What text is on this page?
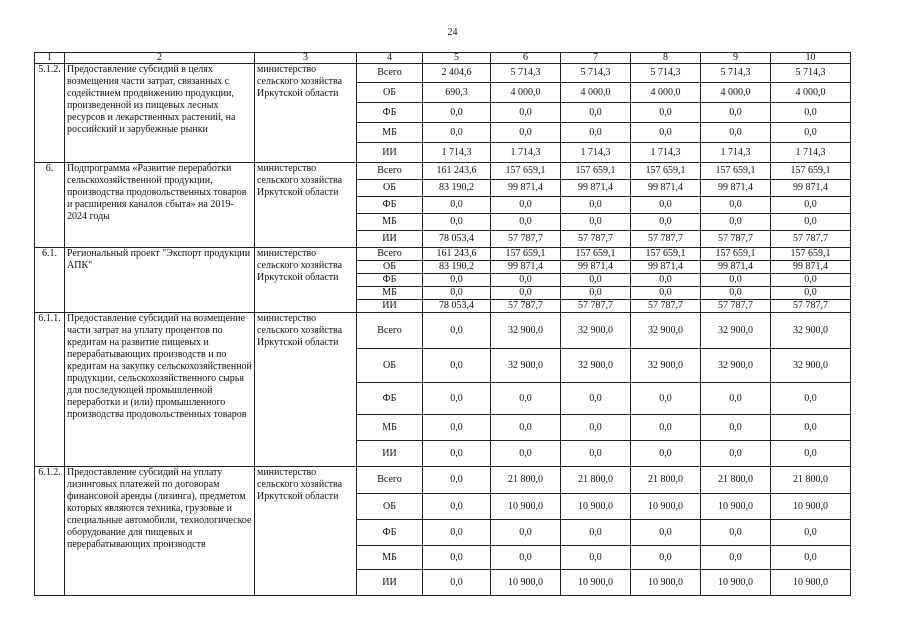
24
1	2	3	4	5	6	7	8	9	10
5.1.2.	Предоставление субсидий в целях возмещения части затрат, связанных с содействием продвижению продукции, произведенной из пищевых лесных ресурсов и лекарственных растений, на российский и зарубежные рынки	министерство сельского хозяйства Иркутской области	Всего	2 404,6	5 714,3	5 714,3	5 714,3	5 714,3	5 714,3
			ОБ	690,3	4 000,0	4 000,0	4 000,0	4 000,0	4 000,0
			ФБ	0,0	0,0	0,0	0,0	0,0	0,0
			МБ	0,0	0,0	0,0	0,0	0,0	0,0
			ИИ	1 714,3	1 714,3	1 714,3	1 714,3	1 714,3	1 714,3
6.	Подпрограмма «Развитие переработки сельскохозяйственной продукции, производства продовольственных товаров и расширения каналов сбыта» на 2019-2024 годы	министерство сельского хозяйства Иркутской области	Всего	161 243,6	157 659,1	157 659,1	157 659,1	157 659,1	157 659,1
			ОБ	83 190,2	99 871,4	99 871,4	99 871,4	99 871,4	99 871,4
			ФБ	0,0	0,0	0,0	0,0	0,0	0,0
			МБ	0,0	0,0	0,0	0,0	0,0	0,0
			ИИ	78 053,4	57 787,7	57 787,7	57 787,7	57 787,7	57 787,7
6.1.	Региональный проект "Экспорт продукции АПК"	министерство сельского хозяйства Иркутской области	Всего	161 243,6	157 659,1	157 659,1	157 659,1	157 659,1	157 659,1
			ОБ	83 190,2	99 871,4	99 871,4	99 871,4	99 871,4	99 871,4
			ФБ	0,0	0,0	0,0	0,0	0,0	0,0
			МБ	0,0	0,0	0,0	0,0	0,0	0,0
			ИИ	78 053,4	57 787,7	57 787,7	57 787,7	57 787,7	57 787,7
6.1.1.	Предоставление субсидий на возмещение части затрат на уплату процентов по кредитам на развитие пищевых и перерабатывающих производств и по кредитам на закупку сельскохозяйственной продукции, сельскохозяйственного сырья для последующей промышленной переработки и (или) промышленного производства продовольственных товаров	министерство сельского хозяйства Иркутской области	Всего	0,0	32 900,0	32 900,0	32 900,0	32 900,0	32 900,0
			ОБ	0,0	32 900,0	32 900,0	32 900,0	32 900,0	32 900,0
			ФБ	0,0	0,0	0,0	0,0	0,0	0,0
			МБ	0,0	0,0	0,0	0,0	0,0	0,0
			ИИ	0,0	0,0	0,0	0,0	0,0	0,0
6.1.2.	Предоставление субсидий на уплату лизинговых платежей по договорам финансовой аренды (лизинга), предметом которых являются техника, грузовые и специальные автомобили, технологическое оборудование для пищевых и перерабатывающих производств	министерство сельского хозяйства Иркутской области	Всего	0,0	21 800,0	21 800,0	21 800,0	21 800,0	21 800,0
			ОБ	0,0	10 900,0	10 900,0	10 900,0	10 900,0	10 900,0
			ФБ	0,0	0,0	0,0	0,0	0,0	0,0
			МБ	0,0	0,0	0,0	0,0	0,0	0,0
			ИИ	0,0	10 900,0	10 900,0	10 900,0	10 900,0	10 900,0
